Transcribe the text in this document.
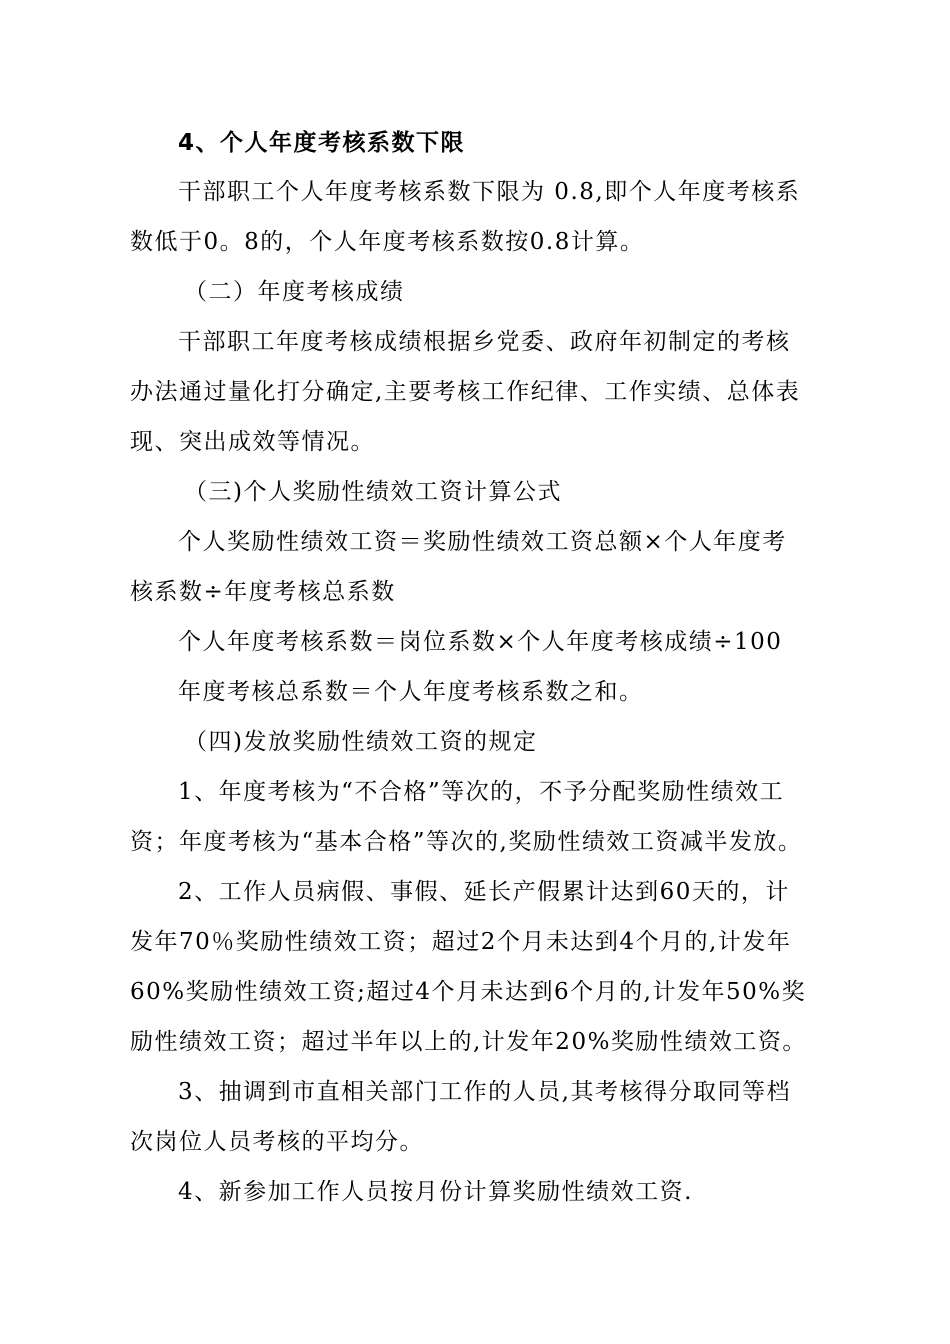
4、个人年度考核系数下限
干部职工个人年度考核系数下限为 0.8,即个人年度考核系
数低于0。8的，个人年度考核系数按0.8计算。
（二）年度考核成绩
干部职工年度考核成绩根据乡党委、政府年初制定的考核
办法通过量化打分确定,主要考核工作纪律、工作实绩、总体表
现、突出成效等情况。
（三)个人奖励性绩效工资计算公式
个人奖励性绩效工资＝奖励性绩效工资总额×个人年度考
核系数÷年度考核总系数
个人年度考核系数＝岗位系数×个人年度考核成绩÷100
年度考核总系数＝个人年度考核系数之和。
（四)发放奖励性绩效工资的规定
1、年度考核为“不合格”等次的，不予分配奖励性绩效工
资；年度考核为“基本合格”等次的,奖励性绩效工资减半发放。
2、工作人员病假、事假、延长产假累计达到60天的，计
发年70％奖励性绩效工资；超过2个月未达到4个月的,计发年
60%奖励性绩效工资;超过4个月未达到6个月的,计发年50%奖
励性绩效工资；超过半年以上的,计发年20%奖励性绩效工资。
3、抽调到市直相关部门工作的人员,其考核得分取同等档
次岗位人员考核的平均分。
4、新参加工作人员按月份计算奖励性绩效工资.
